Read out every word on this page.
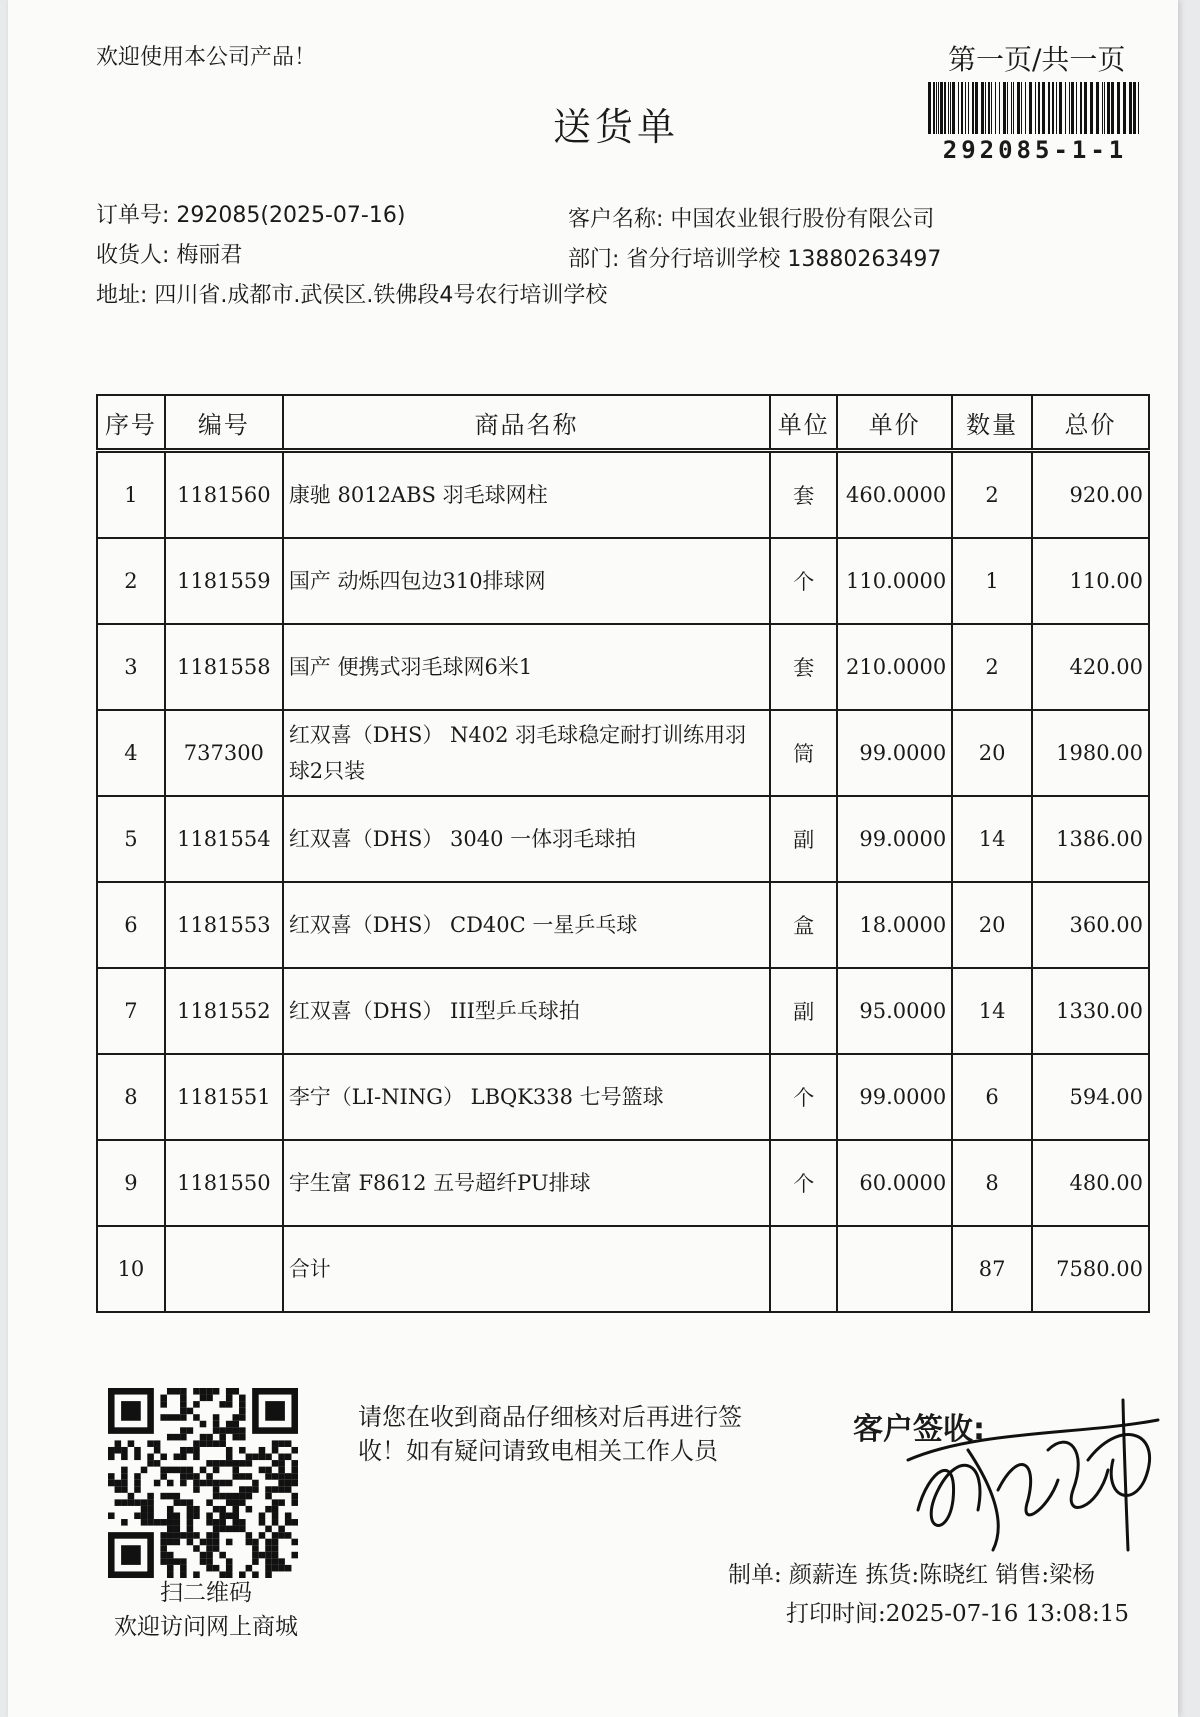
欢迎使用本公司产品！	第一页/共一页
292085-1-1
送货单
订单号: 292085(2025-07-16)	客户名称: 中国农业银行股份有限公司
收货人: 梅丽君	部门: 省分行培训学校 13880263497
地址: 四川省.成都市.武侯区.铁佛段4号农行培训学校
序号	编号	商品名称	单位	单价	数量	总价
1	1181560	康驰 8012ABS 羽毛球网柱	套	460.0000	2	920.00
2	1181559	国产 动烁四包边310排球网	个	110.0000	1	110.00
3	1181558	国产 便携式羽毛球网6米1	套	210.0000	2	420.00
4	737300	红双喜（DHS） N402 羽毛球稳定耐打训练用羽球2只装	筒	99.0000	20	1980.00
5	1181554	红双喜（DHS） 3040 一体羽毛球拍	副	99.0000	14	1386.00
6	1181553	红双喜（DHS） CD40C 一星乒乓球	盒	18.0000	20	360.00
7	1181552	红双喜（DHS） III型乒乓球拍	副	95.0000	14	1330.00
8	1181551	李宁（LI-NING） LBQK338 七号篮球	个	99.0000	6	594.00
9	1181550	宇生富 F8612 五号超纤PU排球	个	60.0000	8	480.00
10		合计			87	7580.00
扫二维码
欢迎访问网上商城
请您在收到商品仔细核对后再进行签收！如有疑问请致电相关工作人员
客户签收:
制单: 颜薪连 拣货:陈晓红 销售:梁杨
打印时间:2025-07-16 13:08:15
